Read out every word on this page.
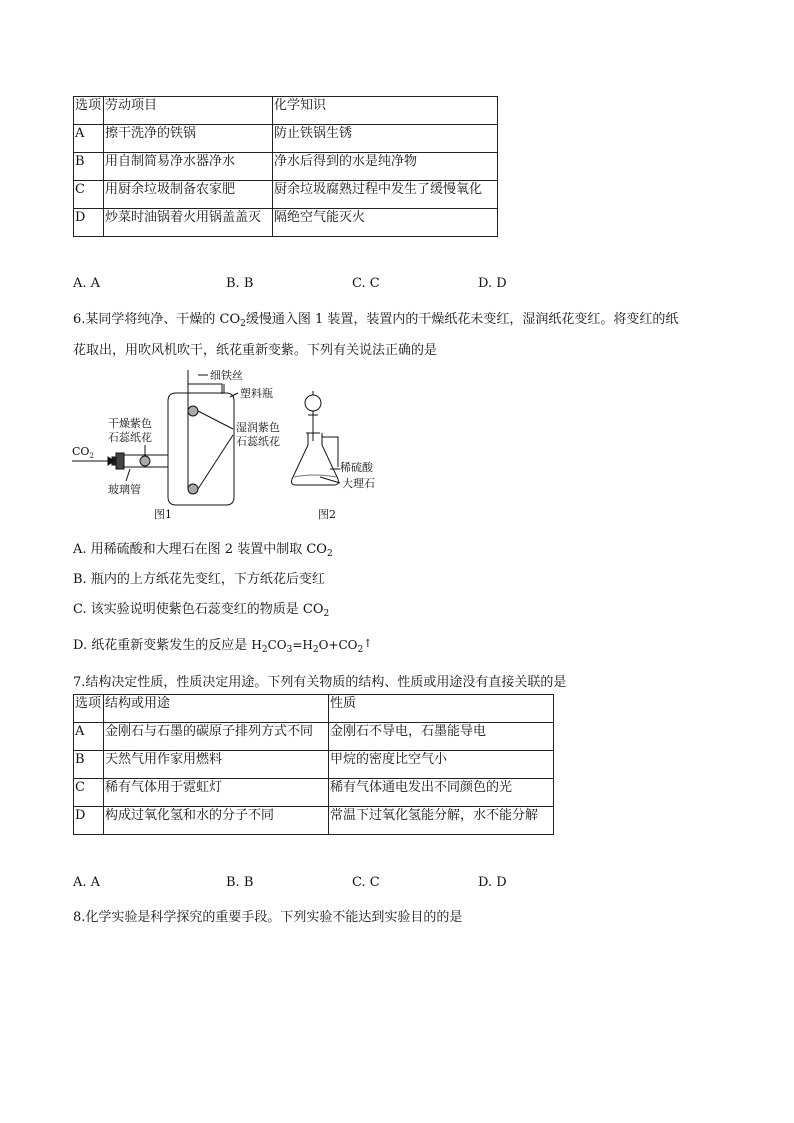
选项	劳动项目	化学知识
A	擦干洗净的铁锅	防止铁锅生锈
B	用自制简易净水器净水	净水后得到的水是纯净物
C	用厨余垃圾制备农家肥	厨余垃圾腐熟过程中发生了缓慢氧化
D	炒菜时油锅着火用锅盖盖灭	隔绝空气能灭火
A. A	B. B	C. C	D. D
6.某同学将纯净、干燥的 $CO_2$缓慢通入图 1 装置，装置内的干燥纸花未变红，湿润纸花变红。将变红的纸
花取出，用吹风机吹干，纸花重新变紫。下列有关说法正确的是
细铁丝
塑料瓶
干燥紫色
石蕊纸花
湿润紫色
石蕊纸花
玻璃管
图1
$CO_2$
稀硫酸
大理石
图2
A. 用稀硫酸和大理石在图 2 装置中制取 $CO_2$
B. 瓶内的上方纸花先变红，下方纸花后变红
C. 该实验说明使紫色石蕊变红的物质是 $CO_2$
D. 纸花重新变紫发生的反应是 $H_2CO_3=H_2O+CO_2↑$
7.结构决定性质，性质决定用途。下列有关物质的结构、性质或用途没有直接关联的是
选项	结构或用途	性质
A	金刚石与石墨的碳原子排列方式不同	金刚石不导电，石墨能导电
B	天然气用作家用燃料	甲烷的密度比空气小
C	稀有气体用于霓虹灯	稀有气体通电发出不同颜色的光
D	构成过氧化氢和水的分子不同	常温下过氧化氢能分解，水不能分解
A. A	B. B	C. C	D. D
8.化学实验是科学探究的重要手段。下列实验不能达到实验目的的是
